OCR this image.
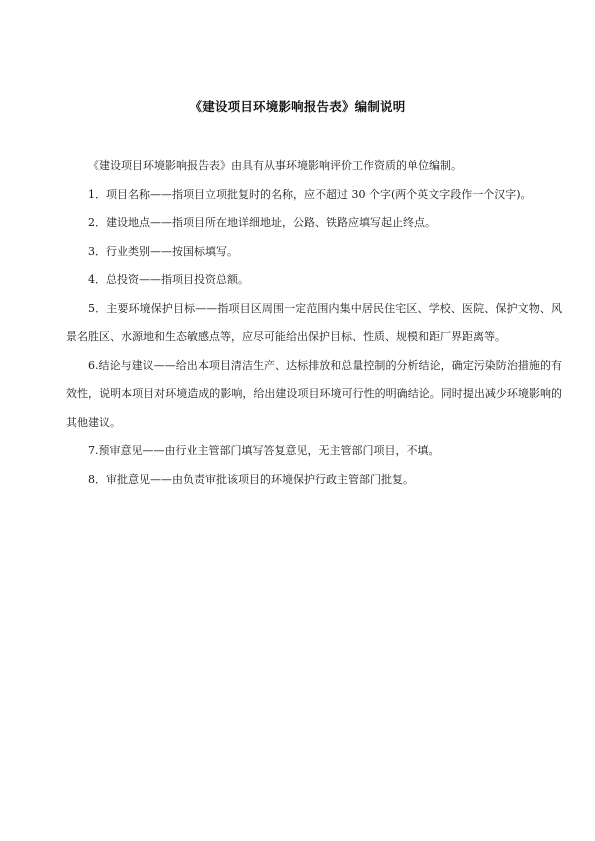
《建设项目环境影响报告表》编制说明

《建设项目环境影响报告表》由具有从事环境影响评价工作资质的单位编制。

1．项目名称——指项目立项批复时的名称，应不超过 30 个字(两个英文字段作一个汉字)。

2．建设地点——指项目所在地详细地址，公路、铁路应填写起止终点。

3．行业类别——按国标填写。

4．总投资——指项目投资总额。

5．主要环境保护目标——指项目区周围一定范围内集中居民住宅区、学校、医院、保护文物、风景名胜区、水源地和生态敏感点等，应尽可能给出保护目标、性质、规模和距厂界距离等。

6.结论与建议——给出本项目清洁生产、达标排放和总量控制的分析结论，确定污染防治措施的有效性，说明本项目对环境造成的影响，给出建设项目环境可行性的明确结论。同时提出减少环境影响的其他建议。

7.预审意见——由行业主管部门填写答复意见，无主管部门项目，不填。

8．审批意见——由负责审批该项目的环境保护行政主管部门批复。
